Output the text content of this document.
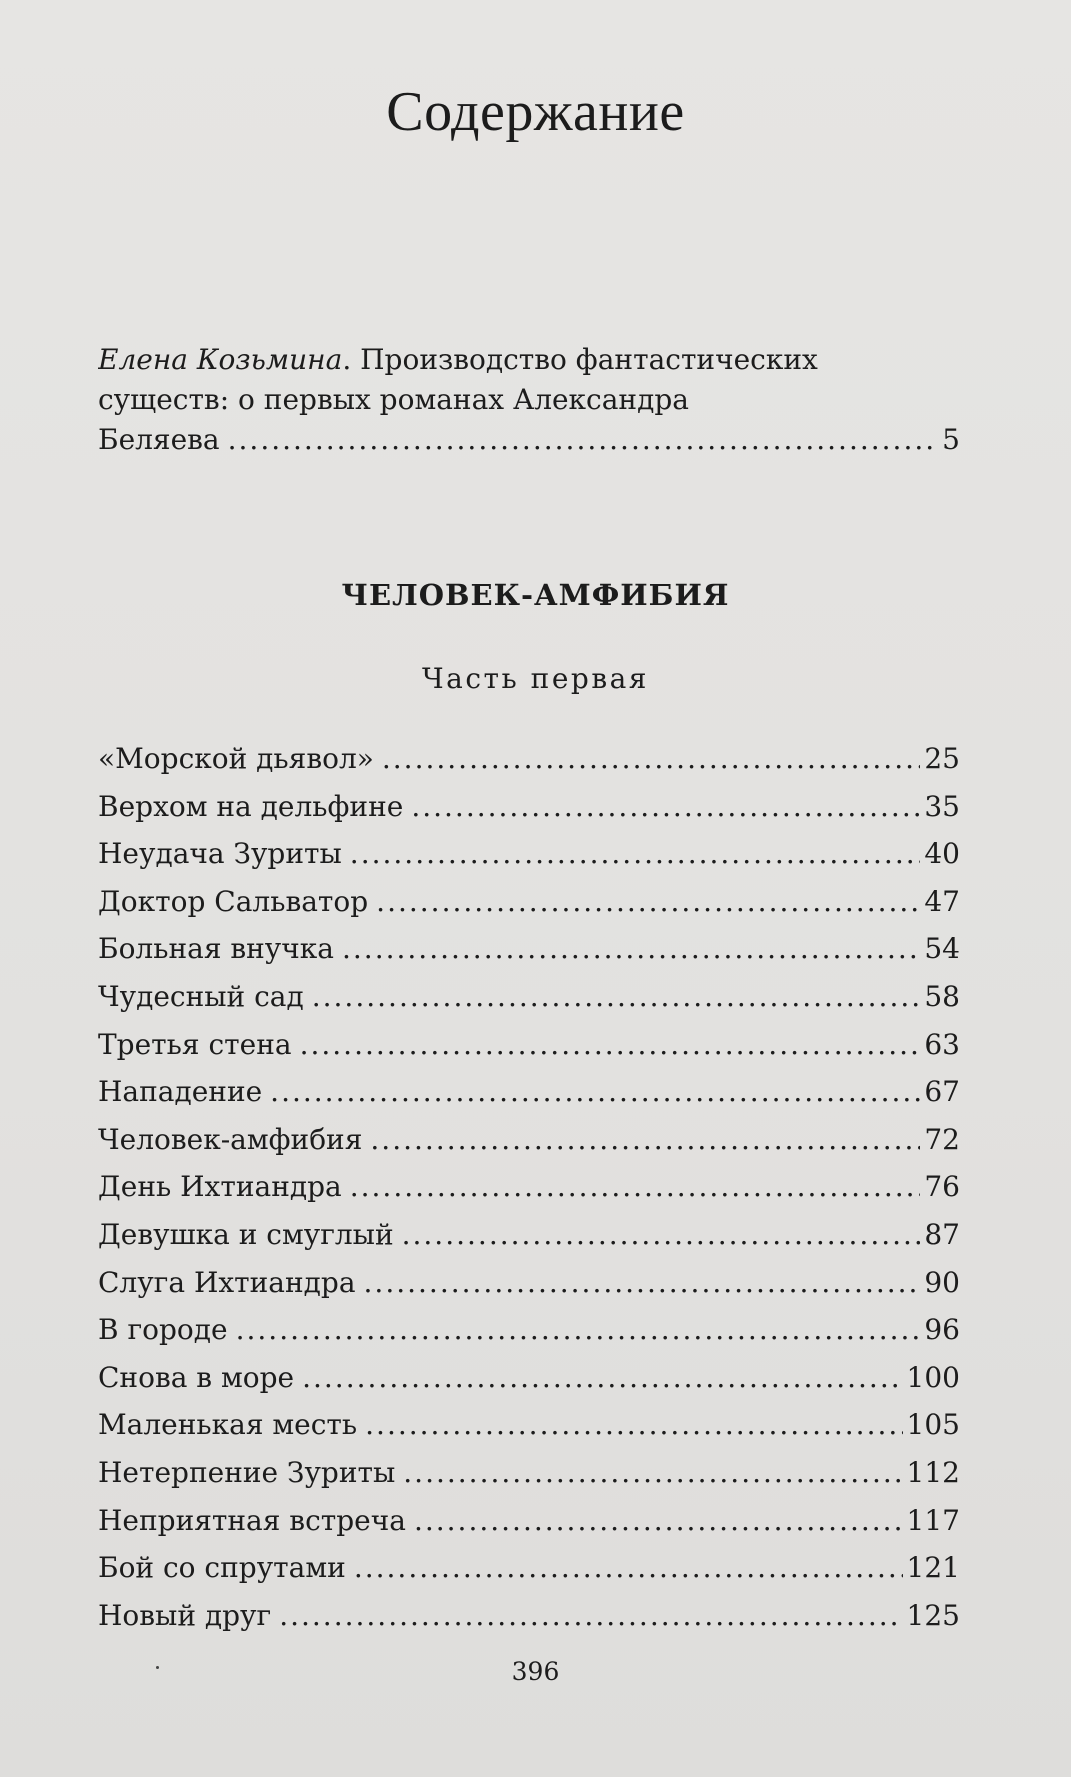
Содержание
Елена Козьмина. Производство фантастических
существ: о первых романах Александра
Беляева .....	5
ЧЕЛОВЕК-АМФИБИЯ
Часть первая
«Морской дьявол» .....	25
Верхом на дельфине .....	35
Неудача Зуриты .....	40
Доктор Сальватор .....	47
Больная внучка .....	54
Чудесный сад .....	58
Третья стена .....	63
Нападение .....	67
Человек-амфибия .....	72
День Ихтиандра .....	76
Девушка и смуглый .....	87
Слуга Ихтиандра .....	90
В городе .....	96
Снова в море .....	100
Маленькая месть .....	105
Нетерпение Зуриты .....	112
Неприятная встреча .....	117
Бой со спрутами .....	121
Новый друг .....	125
396
